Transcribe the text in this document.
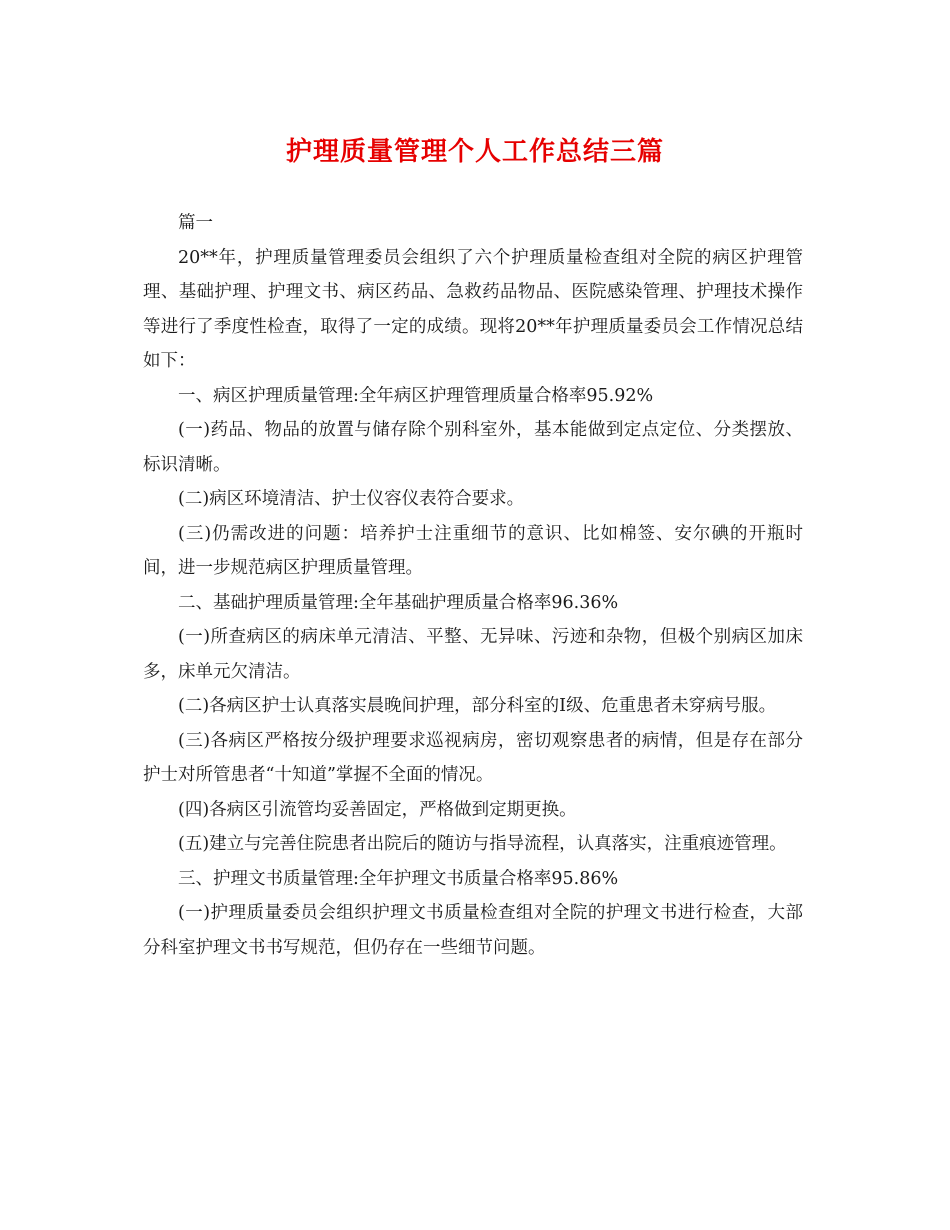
护理质量管理个人工作总结三篇

篇一

20**年，护理质量管理委员会组织了六个护理质量检查组对全院的病区护理管理、基础护理、护理文书、病区药品、急救药品物品、医院感染管理、护理技术操作等进行了季度性检查，取得了一定的成绩。现将20**年护理质量委员会工作情况总结如下：

一、病区护理质量管理:全年病区护理管理质量合格率95.92%

(一)药品、物品的放置与储存除个别科室外，基本能做到定点定位、分类摆放、标识清晰。

(二)病区环境清洁、护士仪容仪表符合要求。

(三)仍需改进的问题：培养护士注重细节的意识、比如棉签、安尔碘的开瓶时间，进一步规范病区护理质量管理。

二、基础护理质量管理:全年基础护理质量合格率96.36%

(一)所查病区的病床单元清洁、平整、无异味、污迹和杂物，但极个别病区加床多，床单元欠清洁。

(二)各病区护士认真落实晨晚间护理，部分科室的Ⅰ级、危重患者未穿病号服。

(三)各病区严格按分级护理要求巡视病房，密切观察患者的病情，但是存在部分护士对所管患者“十知道”掌握不全面的情况。

(四)各病区引流管均妥善固定，严格做到定期更换。

(五)建立与完善住院患者出院后的随访与指导流程，认真落实，注重痕迹管理。

三、护理文书质量管理:全年护理文书质量合格率95.86%

(一)护理质量委员会组织护理文书质量检查组对全院的护理文书进行检查，大部分科室护理文书书写规范，但仍存在一些细节问题。
